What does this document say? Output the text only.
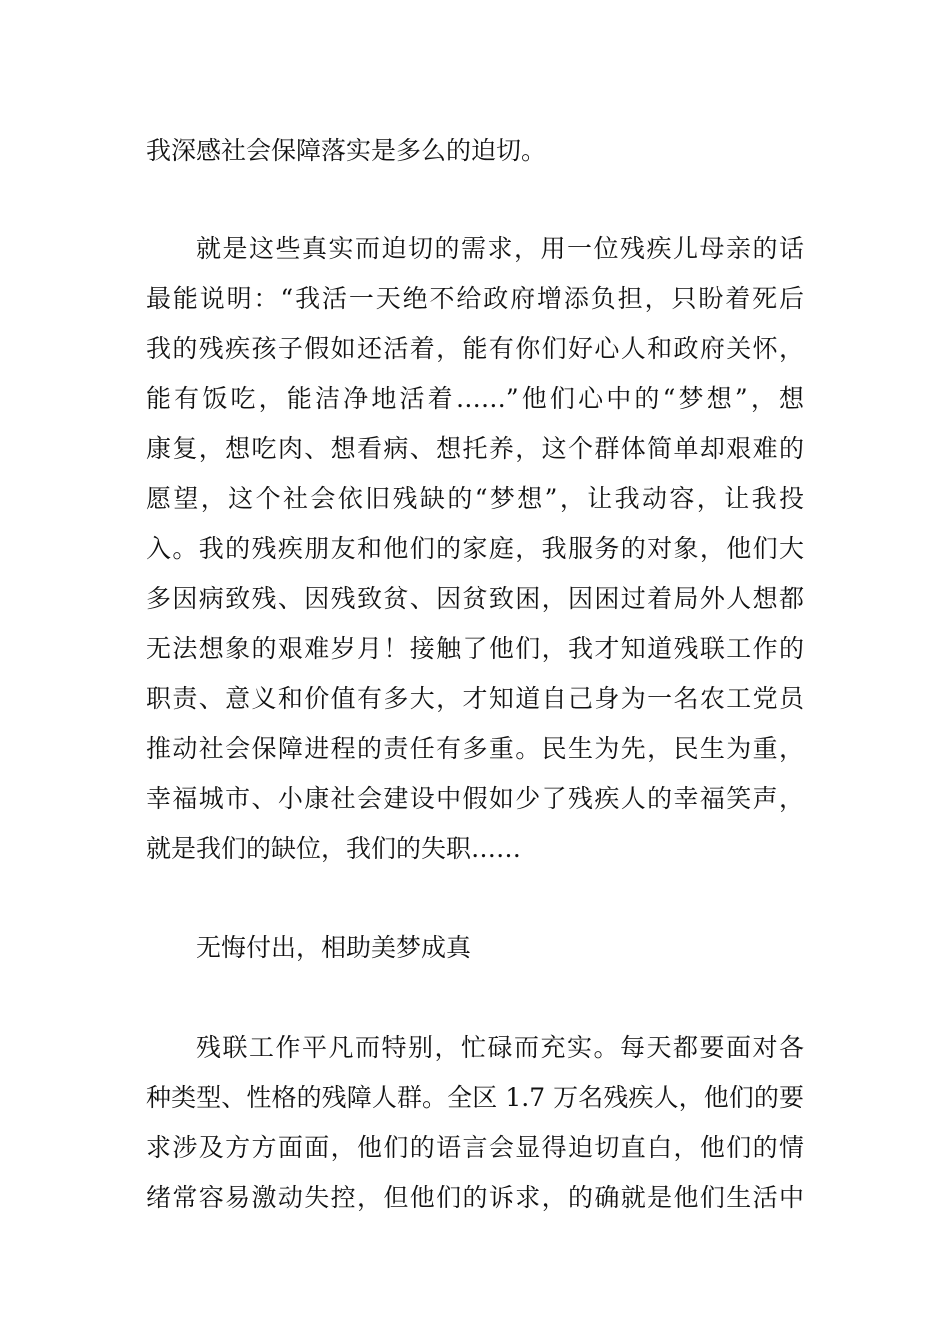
我深感社会保障落实是多么的迫切。
就是这些真实而迫切的需求，用一位残疾儿母亲的话
最能说明：“我活一天绝不给政府增添负担，只盼着死后
我的残疾孩子假如还活着，能有你们好心人和政府关怀，
能有饭吃，能洁净地活着……”他们心中的“梦想”，想
康复，想吃肉、想看病、想托养，这个群体简单却艰难的
愿望，这个社会依旧残缺的“梦想”，让我动容，让我投
入。我的残疾朋友和他们的家庭，我服务的对象，他们大
多因病致残、因残致贫、因贫致困，因困过着局外人想都
无法想象的艰难岁月！接触了他们，我才知道残联工作的
职责、意义和价值有多大，才知道自己身为一名农工党员
推动社会保障进程的责任有多重。民生为先，民生为重，
幸福城市、小康社会建设中假如少了残疾人的幸福笑声，
就是我们的缺位，我们的失职……
无悔付出，相助美梦成真
残联工作平凡而特别，忙碌而充实。每天都要面对各
种类型、性格的残障人群。全区 1.7 万名残疾人，他们的要
求涉及方方面面，他们的语言会显得迫切直白，他们的情
绪常容易激动失控，但他们的诉求，的确就是他们生活中
